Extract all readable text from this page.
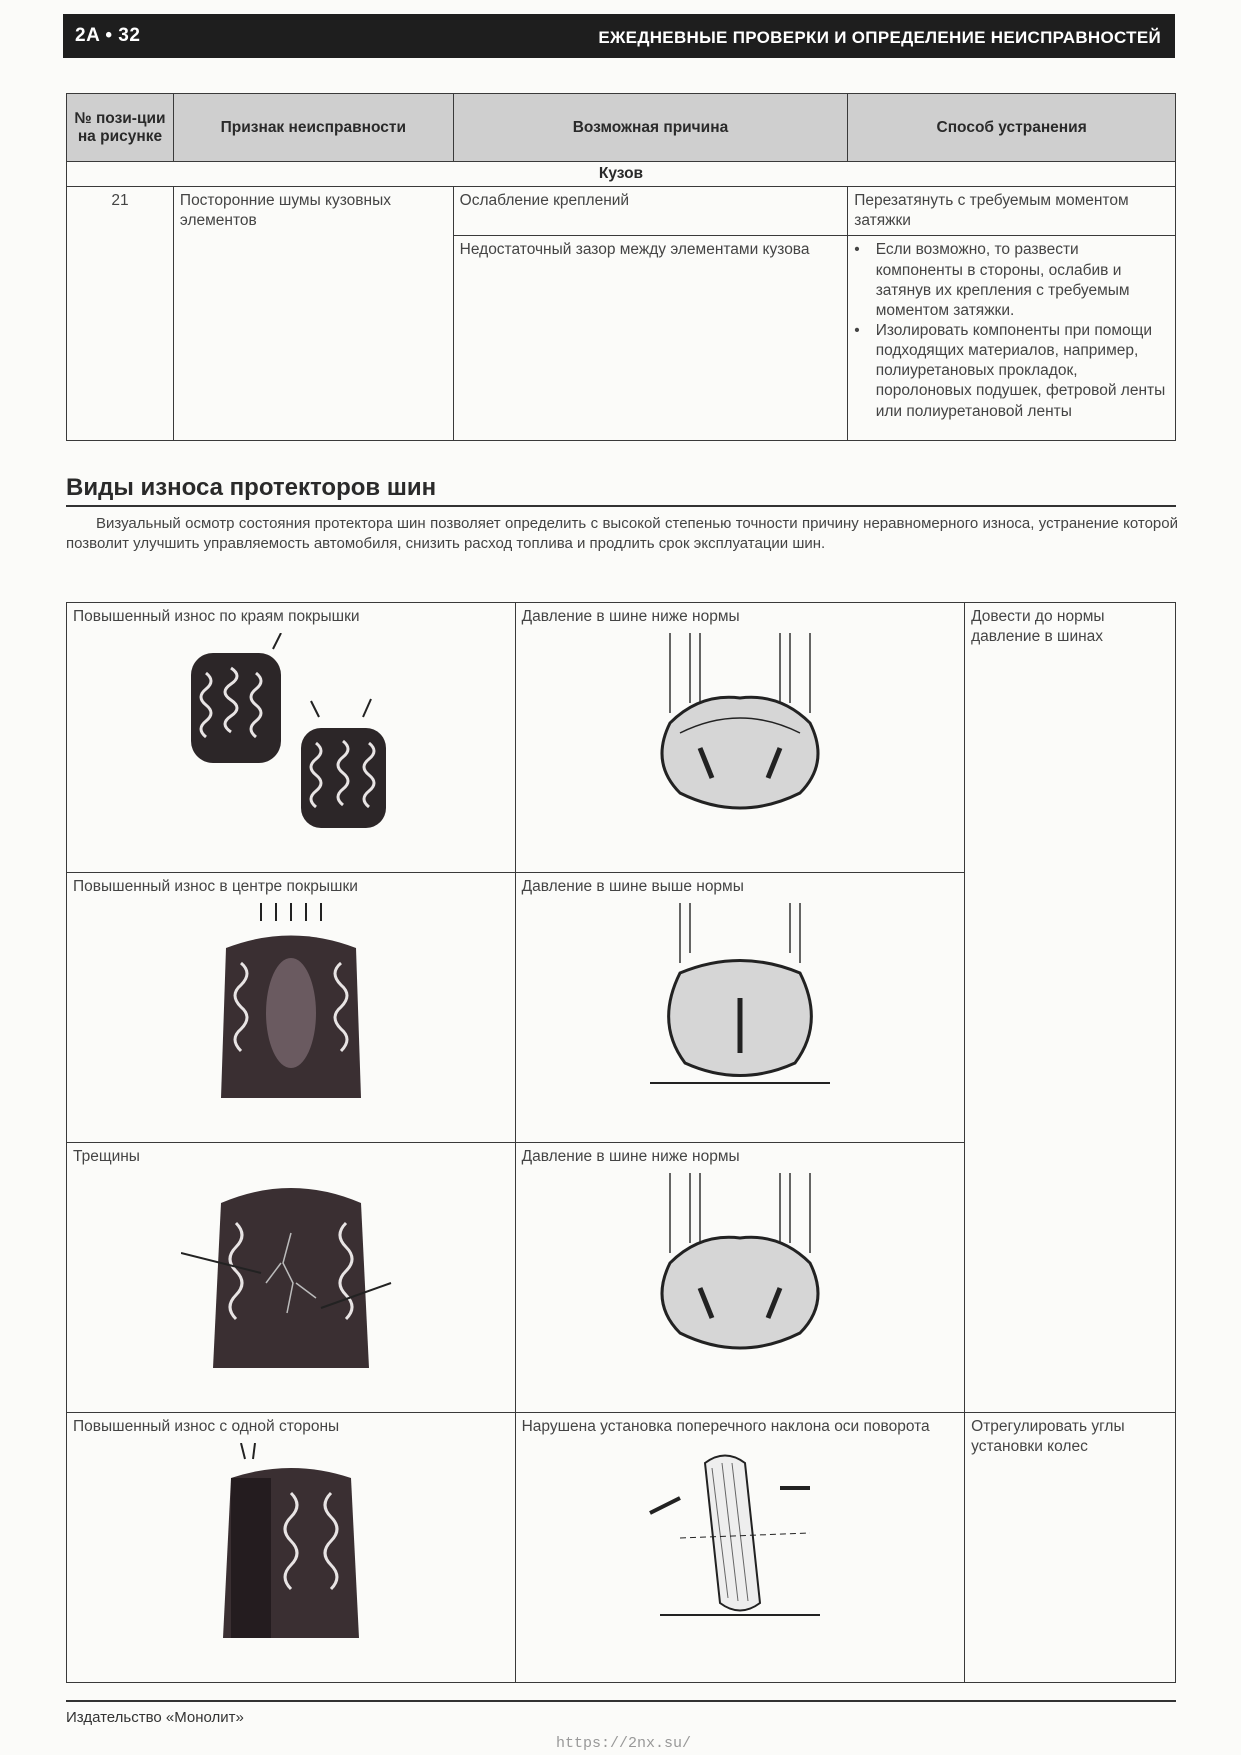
2A • 32	ЕЖЕДНЕВНЫЕ ПРОВЕРКИ И ОПРЕДЕЛЕНИЕ НЕИСПРАВНОСТЕЙ
№ пози-ции на рисунке	Признак неисправности	Возможная причина	Способ устранения
Кузов			
21	Посторонние шумы кузовных элементов	Ослабление креплений	Перезатянуть с требуемым моментом затяжки
		Недостаточный зазор между элементами кузова	• Если возможно, то развести компоненты в стороны, ослабив и затянув их крепления с требуемым моментом затяжки.
• Изолировать компоненты при помощи подходящих материалов, например, полиуретановых прокладок, поролоновых подушек, фетровой ленты или полиуретановой ленты
Виды износа протекторов шин

Визуальный осмотр состояния протектора шин позволяет определить с высокой степенью точности причину неравномерного износа, устранение которой позволит улучшить управляемость автомобиля, снизить расход топлива и продлить срок эксплуатации шин.

Повышенный износ по краям покрышки	Давление в шине ниже нормы	Довести до нормы давление в шинах

Повышенный износ в центре покрышки	Давление в шине выше нормы	

Трещины	Давление в шине ниже нормы	

Повышенный износ с одной стороны	Нарушена установка поперечного наклона оси поворота	Отрегулировать углы установки колес
Издательство «Монолит»
https://2nx.su/
